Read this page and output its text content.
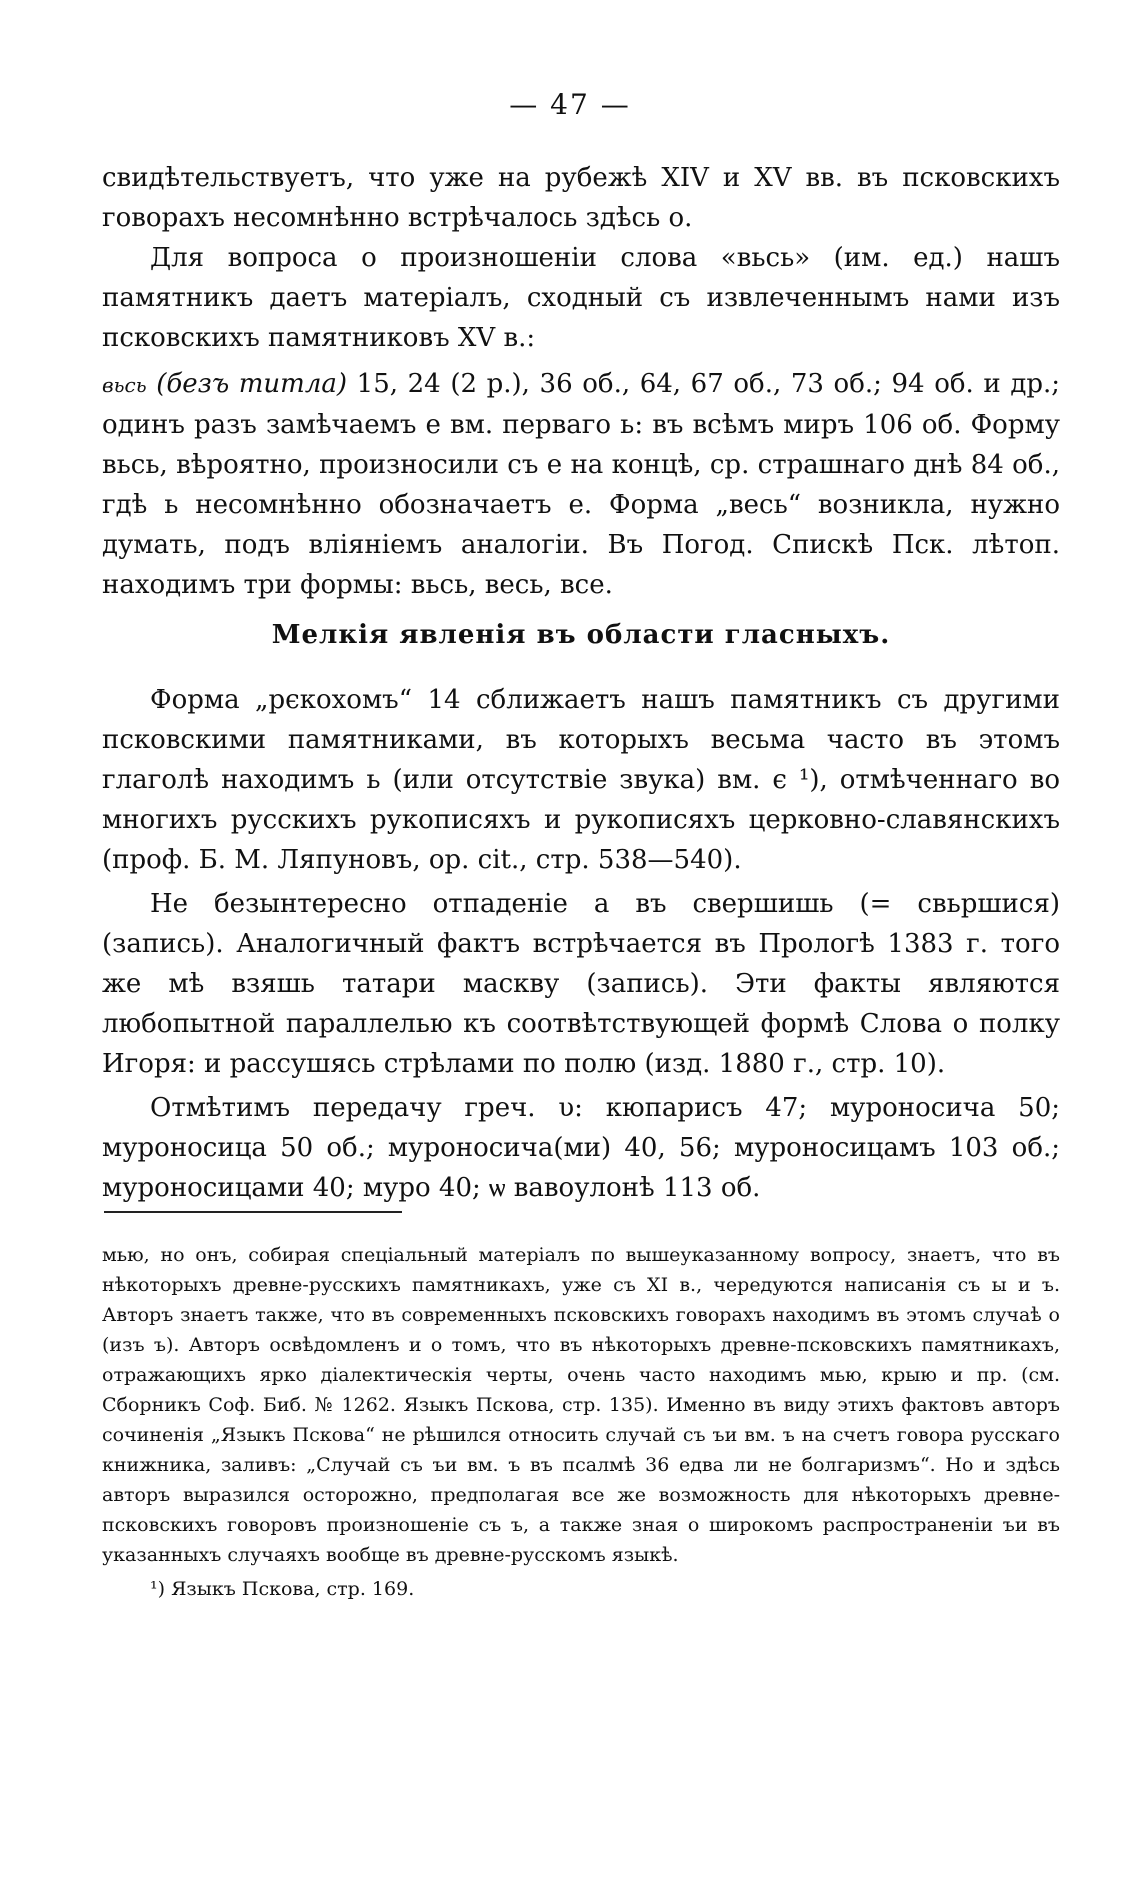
— 47 —

свидѣтельствуетъ, что уже на рубежѣ XIV и XV вв. въ псковскихъ говорахъ несомнѣнно встрѣчалось здѣсь о.

Для вопроса о произношеніи слова «вьсь» (им. ед.) нашъ памятникъ даетъ матеріалъ, сходный съ извлеченнымъ нами изъ псковскихъ памятниковъ XV в.:

вьсь (безъ титла) 15, 24 (2 р.), 36 об., 64, 67 об., 73 об.; 94 об. и др.; одинъ разъ замѣчаемъ е вм. перваго ь: въ всѣмъ миръ 106 об. Форму вьсь, вѣроятно, произносили съ е на концѣ, ср. страшнаго днѣ 84 об., гдѣ ь несомнѣнно обозначаетъ е. Форма „весь“ возникла, нужно думать, подъ вліяніемъ аналогіи. Въ Погод. Спискѣ Пск. лѣтоп. находимъ три формы: вьсь, весь, все.

Мелкія явленія въ области гласныхъ.

Форма „рєкохомъ“ 14 сближаетъ нашъ памятникъ съ другими псковскими памятниками, въ которыхъ весьма часто въ этомъ глаголѣ находимъ ь (или отсутствіе звука) вм. є ¹), отмѣченнаго во многихъ русскихъ рукописяхъ и рукописяхъ церковно-славянскихъ (проф. Б. М. Ляпуновъ, op. cit., стр. 538—540).

Не безынтересно отпаденіе а въ свершишь (= свьршися) (запись). Аналогичный фактъ встрѣчается въ Прологѣ 1383 г. того же мѣ взяшь татари маскву (запись). Эти факты являются любопытной параллелью къ соотвѣтствующей формѣ Слова о полку Игоря: и рассушясь стрѣлами по полю (изд. 1880 г., стр. 10).

Отмѣтимъ передачу греч. υ: кюпарисъ 47; муроносича 50; муроносица 50 об.; муроносича(ми) 40, 56; муроносицамъ 103 об.; муроносицами 40; муро 40; ѡ вавоулонѣ 113 об.

мью, но онъ, собирая спеціальный матеріалъ по вышеуказанному вопросу, знаетъ, что въ нѣкоторыхъ древне-русскихъ памятникахъ, уже съ XI в., чередуются написанія съ ы и ъ. Авторъ знаетъ также, что въ современныхъ псковскихъ говорахъ находимъ въ этомъ случаѣ о (изъ ъ). Авторъ освѣдомленъ и о томъ, что въ нѣкоторыхъ древне-псковскихъ памятникахъ, отражающихъ ярко діалектическія черты, очень часто находимъ мью, крыю и пр. (см. Сборникъ Соф. Биб. № 1262. Языкъ Пскова, стр. 135). Именно въ виду этихъ фактовъ авторъ сочиненія „Языкъ Пскова“ не рѣшился относить случай съ ъи вм. ъ на счетъ говора русскаго книжника, заливъ: „Случай съ ъи вм. ъ въ псалмѣ 36 едва ли не болгаризмъ“. Но и здѣсь авторъ выразился осторожно, предполагая все же возможность для нѣкоторыхъ древне-псковскихъ говоровъ произношеніе съ ъ, а также зная о широкомъ распространеніи ъи въ указанныхъ случаяхъ вообще въ древне-русскомъ языкѣ.

¹) Языкъ Пскова, стр. 169.
